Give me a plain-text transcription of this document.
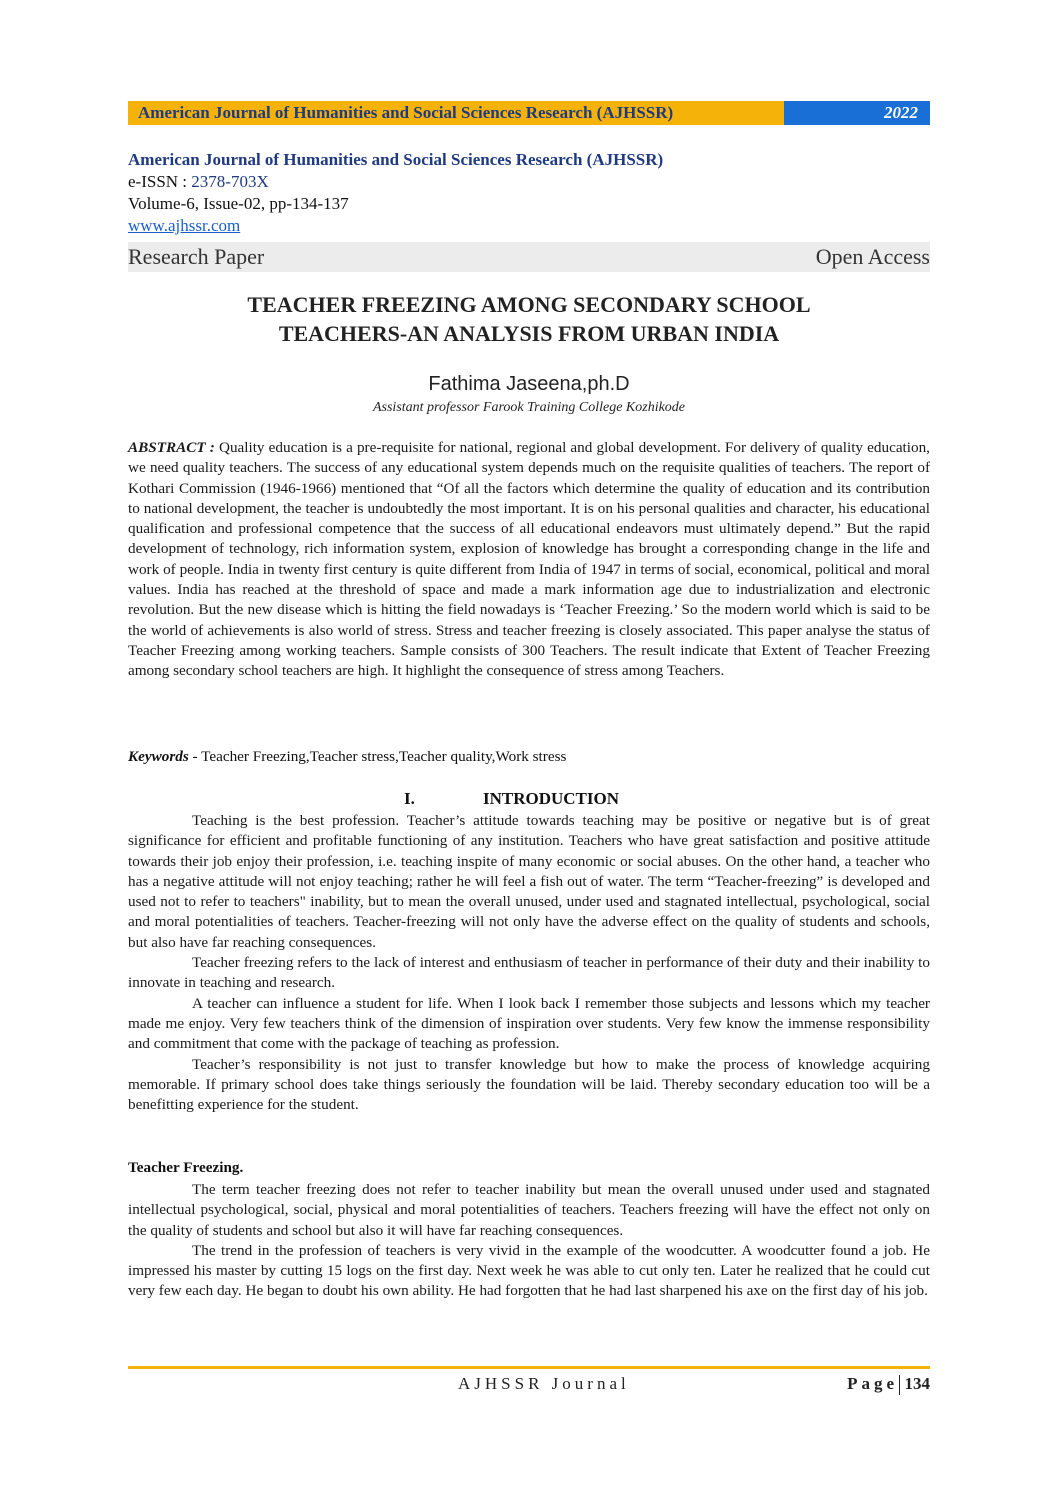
American Journal of Humanities and Social Sciences Research (AJHSSR)	2022
American Journal of Humanities and Social Sciences Research (AJHSSR)
e-ISSN : 2378-703X
Volume-6, Issue-02, pp-134-137
www.ajhssr.com
Research Paper	Open Access
TEACHER FREEZING AMONG SECONDARY SCHOOL
TEACHERS-AN ANALYSIS FROM URBAN INDIA
Fathima Jaseena,ph.D
Assistant professor Farook Training College Kozhikode
ABSTRACT : Quality education is a pre-requisite for national, regional and global development. For delivery of quality education, we need quality teachers. The success of any educational system depends much on the requisite qualities of teachers. The report of Kothari Commission (1946-1966) mentioned that “Of all the factors which determine the quality of education and its contribution to national development, the teacher is undoubtedly the most important. It is on his personal qualities and character, his educational qualification and professional competence that the success of all educational endeavors must ultimately depend.” But the rapid development of technology, rich information system, explosion of knowledge has brought a corresponding change in the life and work of people. India in twenty first century is quite different from India of 1947 in terms of social, economical, political and moral values. India has reached at the threshold of space and made a mark information age due to industrialization and electronic revolution. But the new disease which is hitting the field nowadays is ‘Teacher Freezing.’ So the modern world which is said to be the world of achievements is also world of stress. Stress and teacher freezing is closely associated. This paper analyse the status of Teacher Freezing among working teachers. Sample consists of 300 Teachers. The result indicate that Extent of Teacher Freezing among secondary school teachers are high. It highlight the consequence of stress among Teachers.
Keywords - Teacher Freezing,Teacher stress,Teacher quality,Work stress
I.	INTRODUCTION

Teaching is the best profession. Teacher’s attitude towards teaching may be positive or negative but is of great significance for efficient and profitable functioning of any institution. Teachers who have great satisfaction and positive attitude towards their job enjoy their profession, i.e. teaching inspite of many economic or social abuses. On the other hand, a teacher who has a negative attitude will not enjoy teaching; rather he will feel a fish out of water. The term “Teacher-freezing” is developed and used not to refer to teachers" inability, but to mean the overall unused, under used and stagnated intellectual, psychological, social and moral potentialities of teachers. Teacher-freezing will not only have the adverse effect on the quality of students and schools, but also have far reaching consequences.

Teacher freezing refers to the lack of interest and enthusiasm of teacher in performance of their duty and their inability to innovate in teaching and research.

A teacher can influence a student for life. When I look back I remember those subjects and lessons which my teacher made me enjoy. Very few teachers think of the dimension of inspiration over students. Very few know the immense responsibility and commitment that come with the package of teaching as profession.

Teacher’s responsibility is not just to transfer knowledge but how to make the process of knowledge acquiring memorable. If primary school does take things seriously the foundation will be laid. Thereby secondary education too will be a benefitting experience for the student.

Teacher Freezing.

The term teacher freezing does not refer to teacher inability but mean the overall unused under used and stagnated intellectual psychological, social, physical and moral potentialities of teachers. Teachers freezing will have the effect not only on the quality of students and school but also it will have far reaching consequences.

The trend in the profession of teachers is very vivid in the example of the woodcutter. A woodcutter found a job. He impressed his master by cutting 15 logs on the first day. Next week he was able to cut only ten. Later he realized that he could cut very few each day. He began to doubt his own ability. He had forgotten that he had last sharpened his axe on the first day of his job.

AJHSSR Journal	Page 134
